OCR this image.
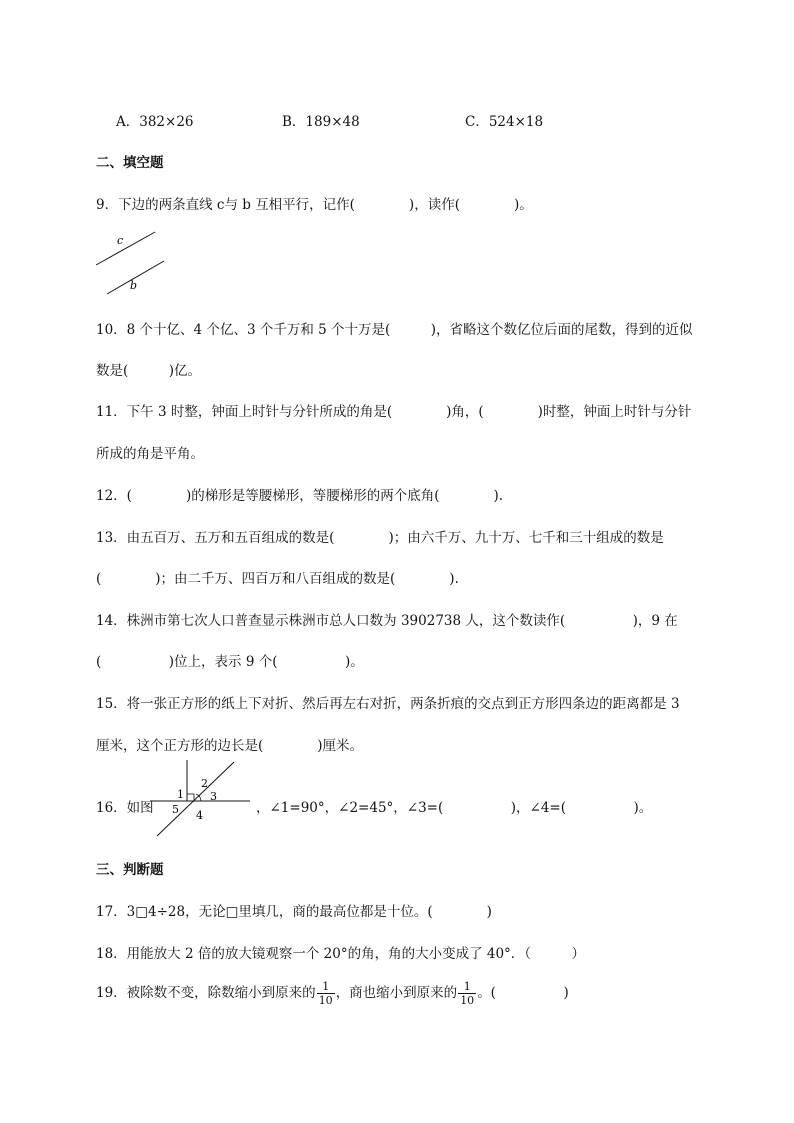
A．382×26	B．189×48	C．524×18
二、填空题
9．下边的两条直线 c与 b 互相平行，记作(　　　　)，读作(　　　　)。
c
b
10．8 个十亿、4 个亿、3 个千万和 5 个十万是(　　　)，省略这个数亿位后面的尾数，得到的近似
数是(　　　)亿。
11．下午 3 时整，钟面上时针与分针所成的角是(　　　　)角，(　　　　)时整，钟面上时针与分针
所成的角是平角。
12．(　　　　)的梯形是等腰梯形，等腰梯形的两个底角(　　　　).
13．由五百万、五万和五百组成的数是(　　　　)；由六千万、九十万、七千和三十组成的数是
(　　　　)；由二千万、四百万和八百组成的数是(　　　　).
14．株洲市第七次人口普查显示株洲市总人口数为 3902738 人，这个数读作(　　　　　)，9 在
(　　　　　)位上，表示 9 个(　　　　　)。
15．将一张正方形的纸上下对折、然后再左右对折，两条折痕的交点到正方形四条边的距离都是 3
厘米，这个正方形的边长是(　　　　)厘米。
16．如图
1
2
3
4
5	，∠1=90°，∠2=45°，∠3=(　　　　　)，∠4=(　　　　　)。
三、判断题
17．3□4÷28，无论□里填几，商的最高位都是十位。(　　　　)
18．用能放大 2 倍的放大镜观察一个 20°的角，角的大小变成了 40°．（　　　）
19．被除数不变，除数缩小到原来的 $\frac{1}{10}$ ，商也缩小到原来的 $\frac{1}{10}$ 。(　　　　　)
